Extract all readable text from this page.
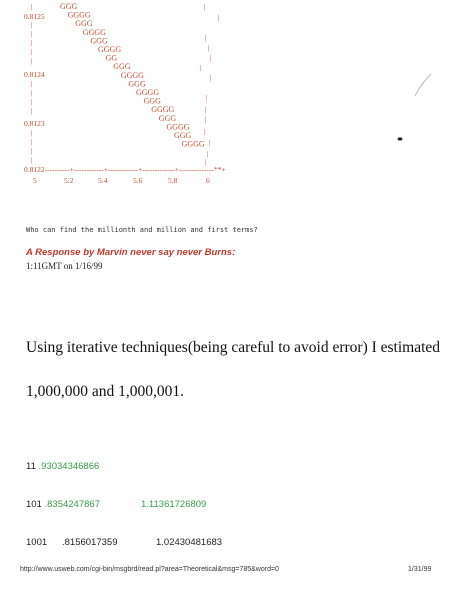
|
|
|
|
|
|
|
|
|
|
|
|
|
|
|
|
|
|
|
|
|
|
|
|
|
|
|
|
0.8125
0.8124
0.8123
GGG
GGGG
GGG
GGGG
GGG
GGGG
GG
GGG
GGGG
GGG
GGGG
GGG
GGGG
GGG
GGGG
GGG
GGGG
0.8122----------+------------+------------+-------------+--------------**+
5	5.2	5.4	5.6	5.8	6
Who can find the millionth and million and first terms?
A Response by Marvin never say never Burns:
1:11GMT on 1/16/99
Using iterative techniques(being careful to avoid error) I estimated
1,000,000 and 1,000,001.
11 .93034346866
101 .8354247867	1.11361726809
1001 .8156017359	1.02430481683
http://www.usweb.com/cgi-bin/msgbrd/read.pl?area=Theoretical&msg=785&word=0	1/31/99
